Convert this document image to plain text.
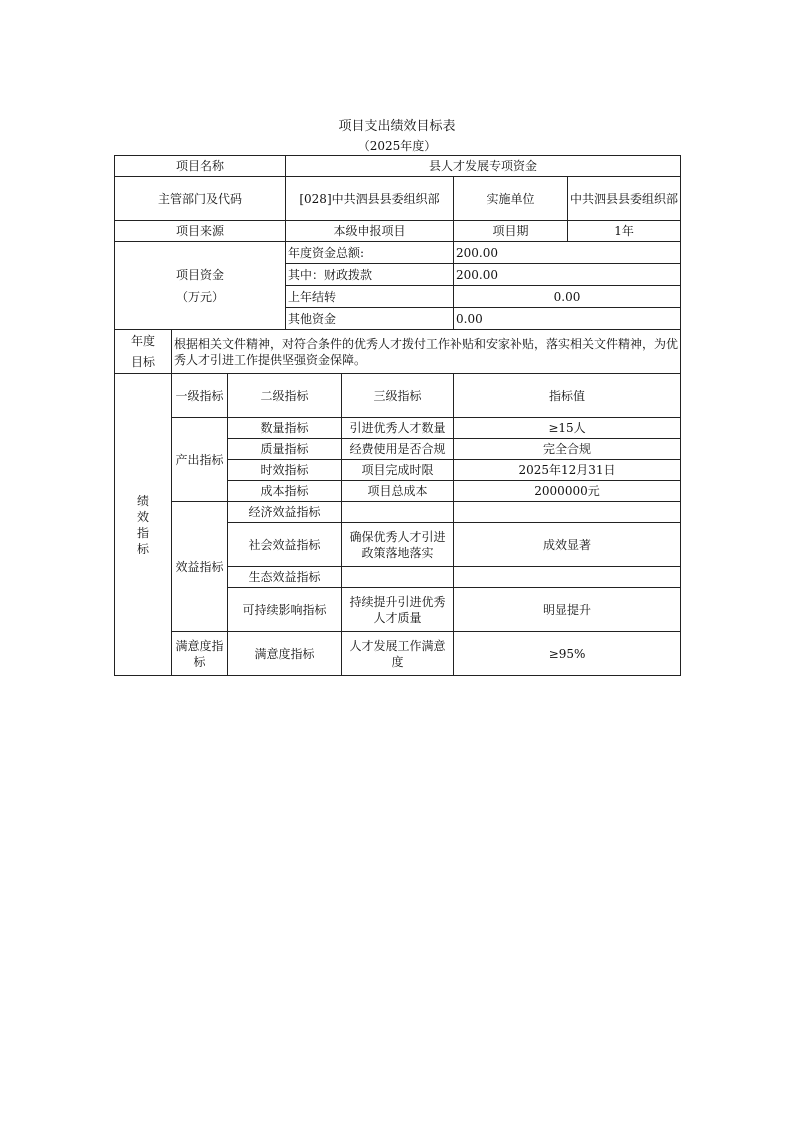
项目支出绩效目标表
（2025年度）
项目名称			县人才发展专项资金			
主管部门及代码			[028]中共泗县县委组织部		实施单位	中共泗县县委组织部
项目来源			本级申报项目		项目期	1年
项目资金
（万元）			年度资金总额:		200.00	
			其中：财政拨款		200.00	
			上年结转		0.00	
			其他资金		0.00	
年度
目标	根据相关文件精神，对符合条件的优秀人才拨付工作补贴和安家补贴，落实相关文件精神，为优秀人才引进工作提供坚强资金保障。					
绩
效
指
标	一级指标	二级指标		三级指标	指标值	
	产出指标	数量指标		引进优秀人才数量	≥15人	
		质量指标		经费使用是否合规	完全合规	
		时效指标		项目完成时限	2025年12月31日	
		成本指标		项目总成本	2000000元	
	效益指标	经济效益指标				
		社会效益指标		确保优秀人才引进政策落地落实	成效显著	
		生态效益指标				
		可持续影响指标		持续提升引进优秀人才质量	明显提升	
	满意度指标	满意度指标		人才发展工作满意度	≥95%	
